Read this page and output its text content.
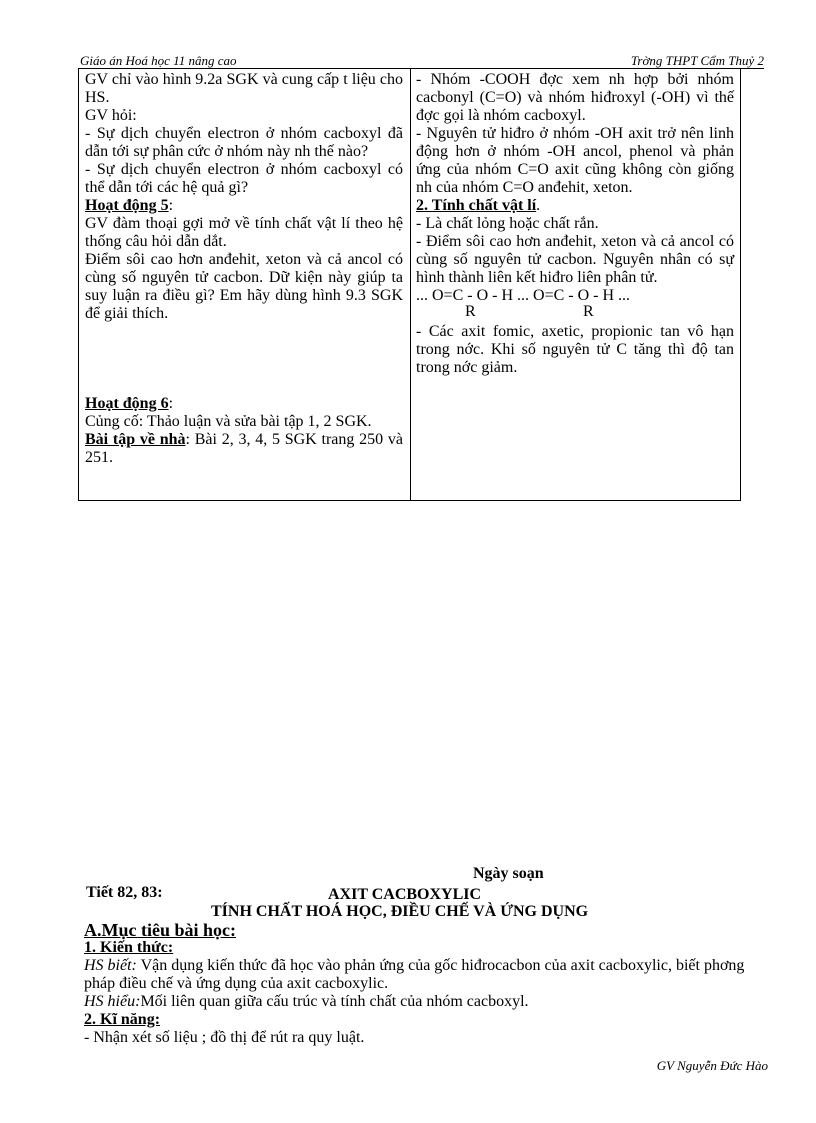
Giáo án Hoá học 11 nâng cao	Trờng THPT Cẩm Thuỷ 2

GV chỉ vào hình 9.2a SGK và cung cấp t liệu cho HS.

GV hỏi:

- Sự dịch chuyển electron ở nhóm cacboxyl đã dẫn tới sự phân cức ở nhóm này nh thế nào?

- Sự dịch chuyển electron ở nhóm cacboxyl có thể dẫn tới các hệ quả gì?

Hoạt động 5:

GV đàm thoại gợi mở về tính chất vật lí theo hệ thống câu hỏi dẫn dắt.

Điểm sôi cao hơn anđehit, xeton và cả ancol có cùng số nguyên tử cacbon. Dữ kiện này giúp ta suy luận ra điều gì? Em hãy dùng hình 9.3 SGK để giải thích.

Hoạt động 6:

Củng cố: Thảo luận và sửa bài tập 1, 2 SGK.

Bài tập về nhà: Bài 2, 3, 4, 5 SGK trang 250 và 251.

- Nhóm -COOH đợc xem nh hợp bởi nhóm cacbonyl (C=O) và nhóm hiđroxyl (-OH) vì thế đợc gọi là nhóm cacboxyl.

- Nguyên tử hiđro ở nhóm -OH axit trở nên linh động hơn ở nhóm -OH ancol, phenol và phản ứng của nhóm C=O axit cũng không còn giống nh của nhóm C=O anđehit, xeton.

2. Tính chất vật lí.

- Là chất lỏng hoặc chất rắn.

- Điểm sôi cao hơn anđehit, xeton và cả ancol có cùng số nguyên tử cacbon. Nguyên nhân có sự hình thành liên kết hiđro liên phân tử.

... O=C - O - H ... O=C - O - H ...
R	R

- Các axit fomic, axetic, propionic tan vô hạn trong nớc. Khi số nguyên tử C tăng thì độ tan trong nớc giảm.

Ngày soạn
Tiết 82, 83:	AXIT CACBOXYLIC
TÍNH CHẤT HOÁ HỌC, ĐIỀU CHẾ VÀ ỨNG DỤNG

A.Mục tiêu bài học:

1. Kiến thức:

HS biết: Vận dụng kiến thức đã học vào phản ứng của gốc hiđrocacbon của axit cacboxylic, biết phơng pháp điều chế và ứng dụng của axit cacboxylic.

HS hiểu:Mối liên quan giữa cấu trúc và tính chất của nhóm cacboxyl.

2. Kĩ năng:

- Nhận xét số liệu ; đồ thị để rút ra quy luật.

GV Nguyễn Đức Hào
